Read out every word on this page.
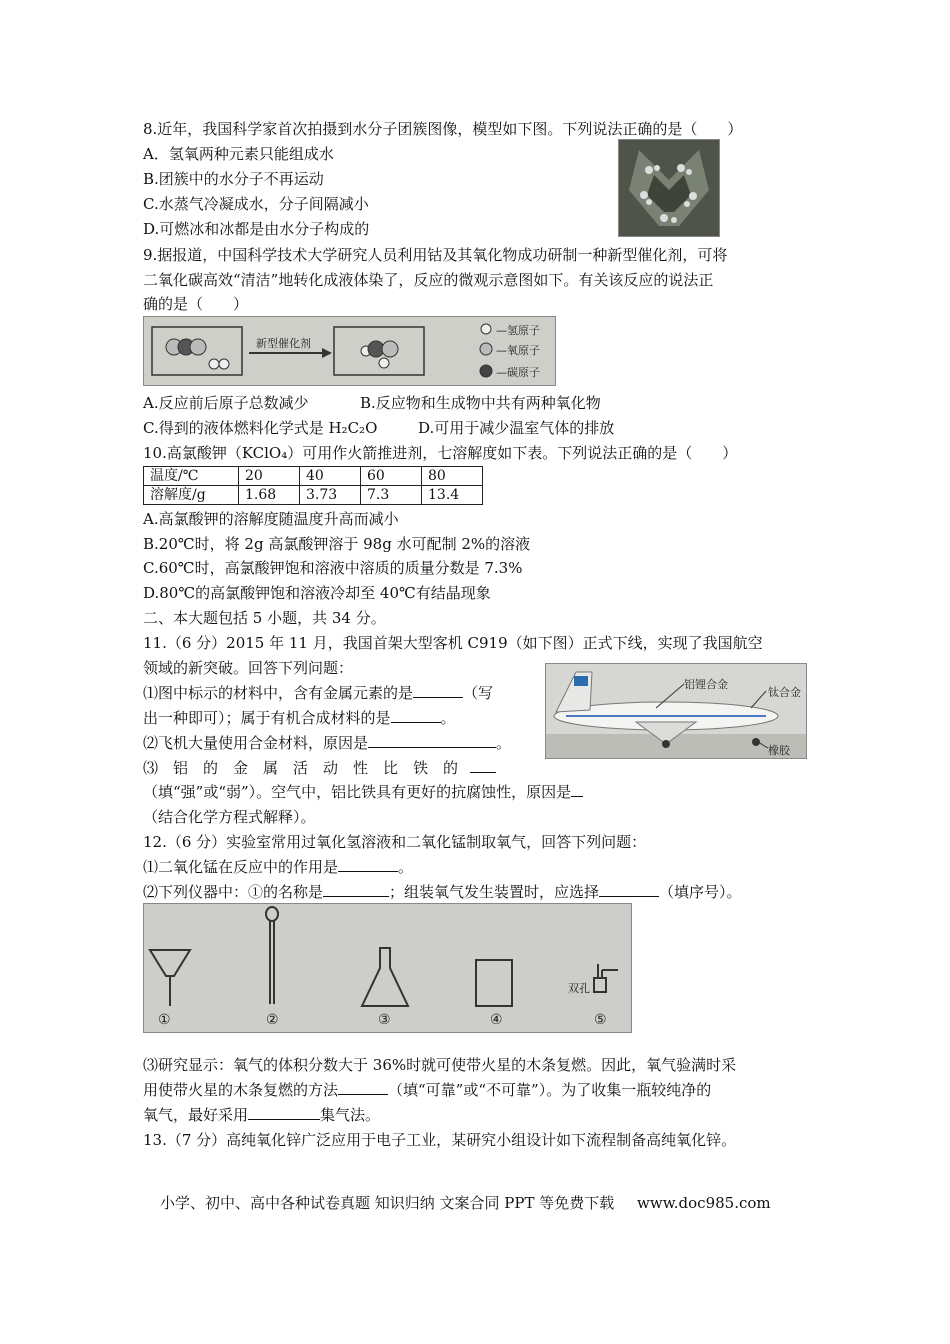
8.近年，我国科学家首次拍摄到水分子团簇图像，模型如下图。下列说法正确的是（　　）
A．氢氧两种元素只能组成水
B.团簇中的水分子不再运动
C.水蒸气冷凝成水，分子间隔减小
D.可燃冰和冰都是由水分子构成的
9.据报道，中国科学技术大学研究人员利用钴及其氧化物成功研制一种新型催化剂，可将
二氧化碳高效“清洁”地转化成液体染了，反应的微观示意图如下。有关该反应的说法正
确的是（　　）
新型催化剂
—氢原子
—氧原子
—碳原子
A.反应前后原子总数减少	B.反应物和生成物中共有两种氧化物
C.得到的液体燃料化学式是 H₂C₂O	D.可用于减少温室气体的排放
10.高氯酸钾（KClO₄）可用作火箭推进剂，七溶解度如下表。下列说法正确的是（　　）
温度/℃	20	40	60	80
溶解度/g	1.68	3.73	7.3	13.4
A.高氯酸钾的溶解度随温度升高而减小
B.20℃时，将 2g 高氯酸钾溶于 98g 水可配制 2%的溶液
C.60℃时，高氯酸钾饱和溶液中溶质的质量分数是 7.3%
D.80℃的高氯酸钾饱和溶液冷却至 40℃有结晶现象
二、本大题包括 5 小题，共 34 分。
11.（6 分）2015 年 11 月，我国首架大型客机 C919（如下图）正式下线，实现了我国航空
领域的新突破。回答下列问题：
⑴图中标示的材料中，含有金属元素的是	（写
出一种即可）；属于有机合成材料的是	。
⑵飞机大量使用合金材料，原因是	。
⑶　铝　的　金　属　活　动　性　比　铁　的
（填“强”或“弱”）。空气中，铝比铁具有更好的抗腐蚀性，原因是
（结合化学方程式解释）。
铝锂合金
钛合金
橡胶
12.（6 分）实验室常用过氧化氢溶液和二氧化锰制取氧气，回答下列问题：
⑴二氧化锰在反应中的作用是	。
⑵下列仪器中：①的名称是	；组装氧气发生装置时，应选择	（填序号）。
①	②	③	④	⑤
双孔
⑶研究显示：氧气的体积分数大于 36%时就可使带火星的木条复燃。因此，氧气验满时采
用使带火星的木条复燃的方法	（填“可靠”或“不可靠”）。为了收集一瓶较纯净的
氧气，最好采用	集气法。
13.（7 分）高纯氧化锌广泛应用于电子工业，某研究小组设计如下流程制备高纯氧化锌。
小学、初中、高中各种试卷真题 知识归纳 文案合同 PPT 等免费下载 www.doc985.com
